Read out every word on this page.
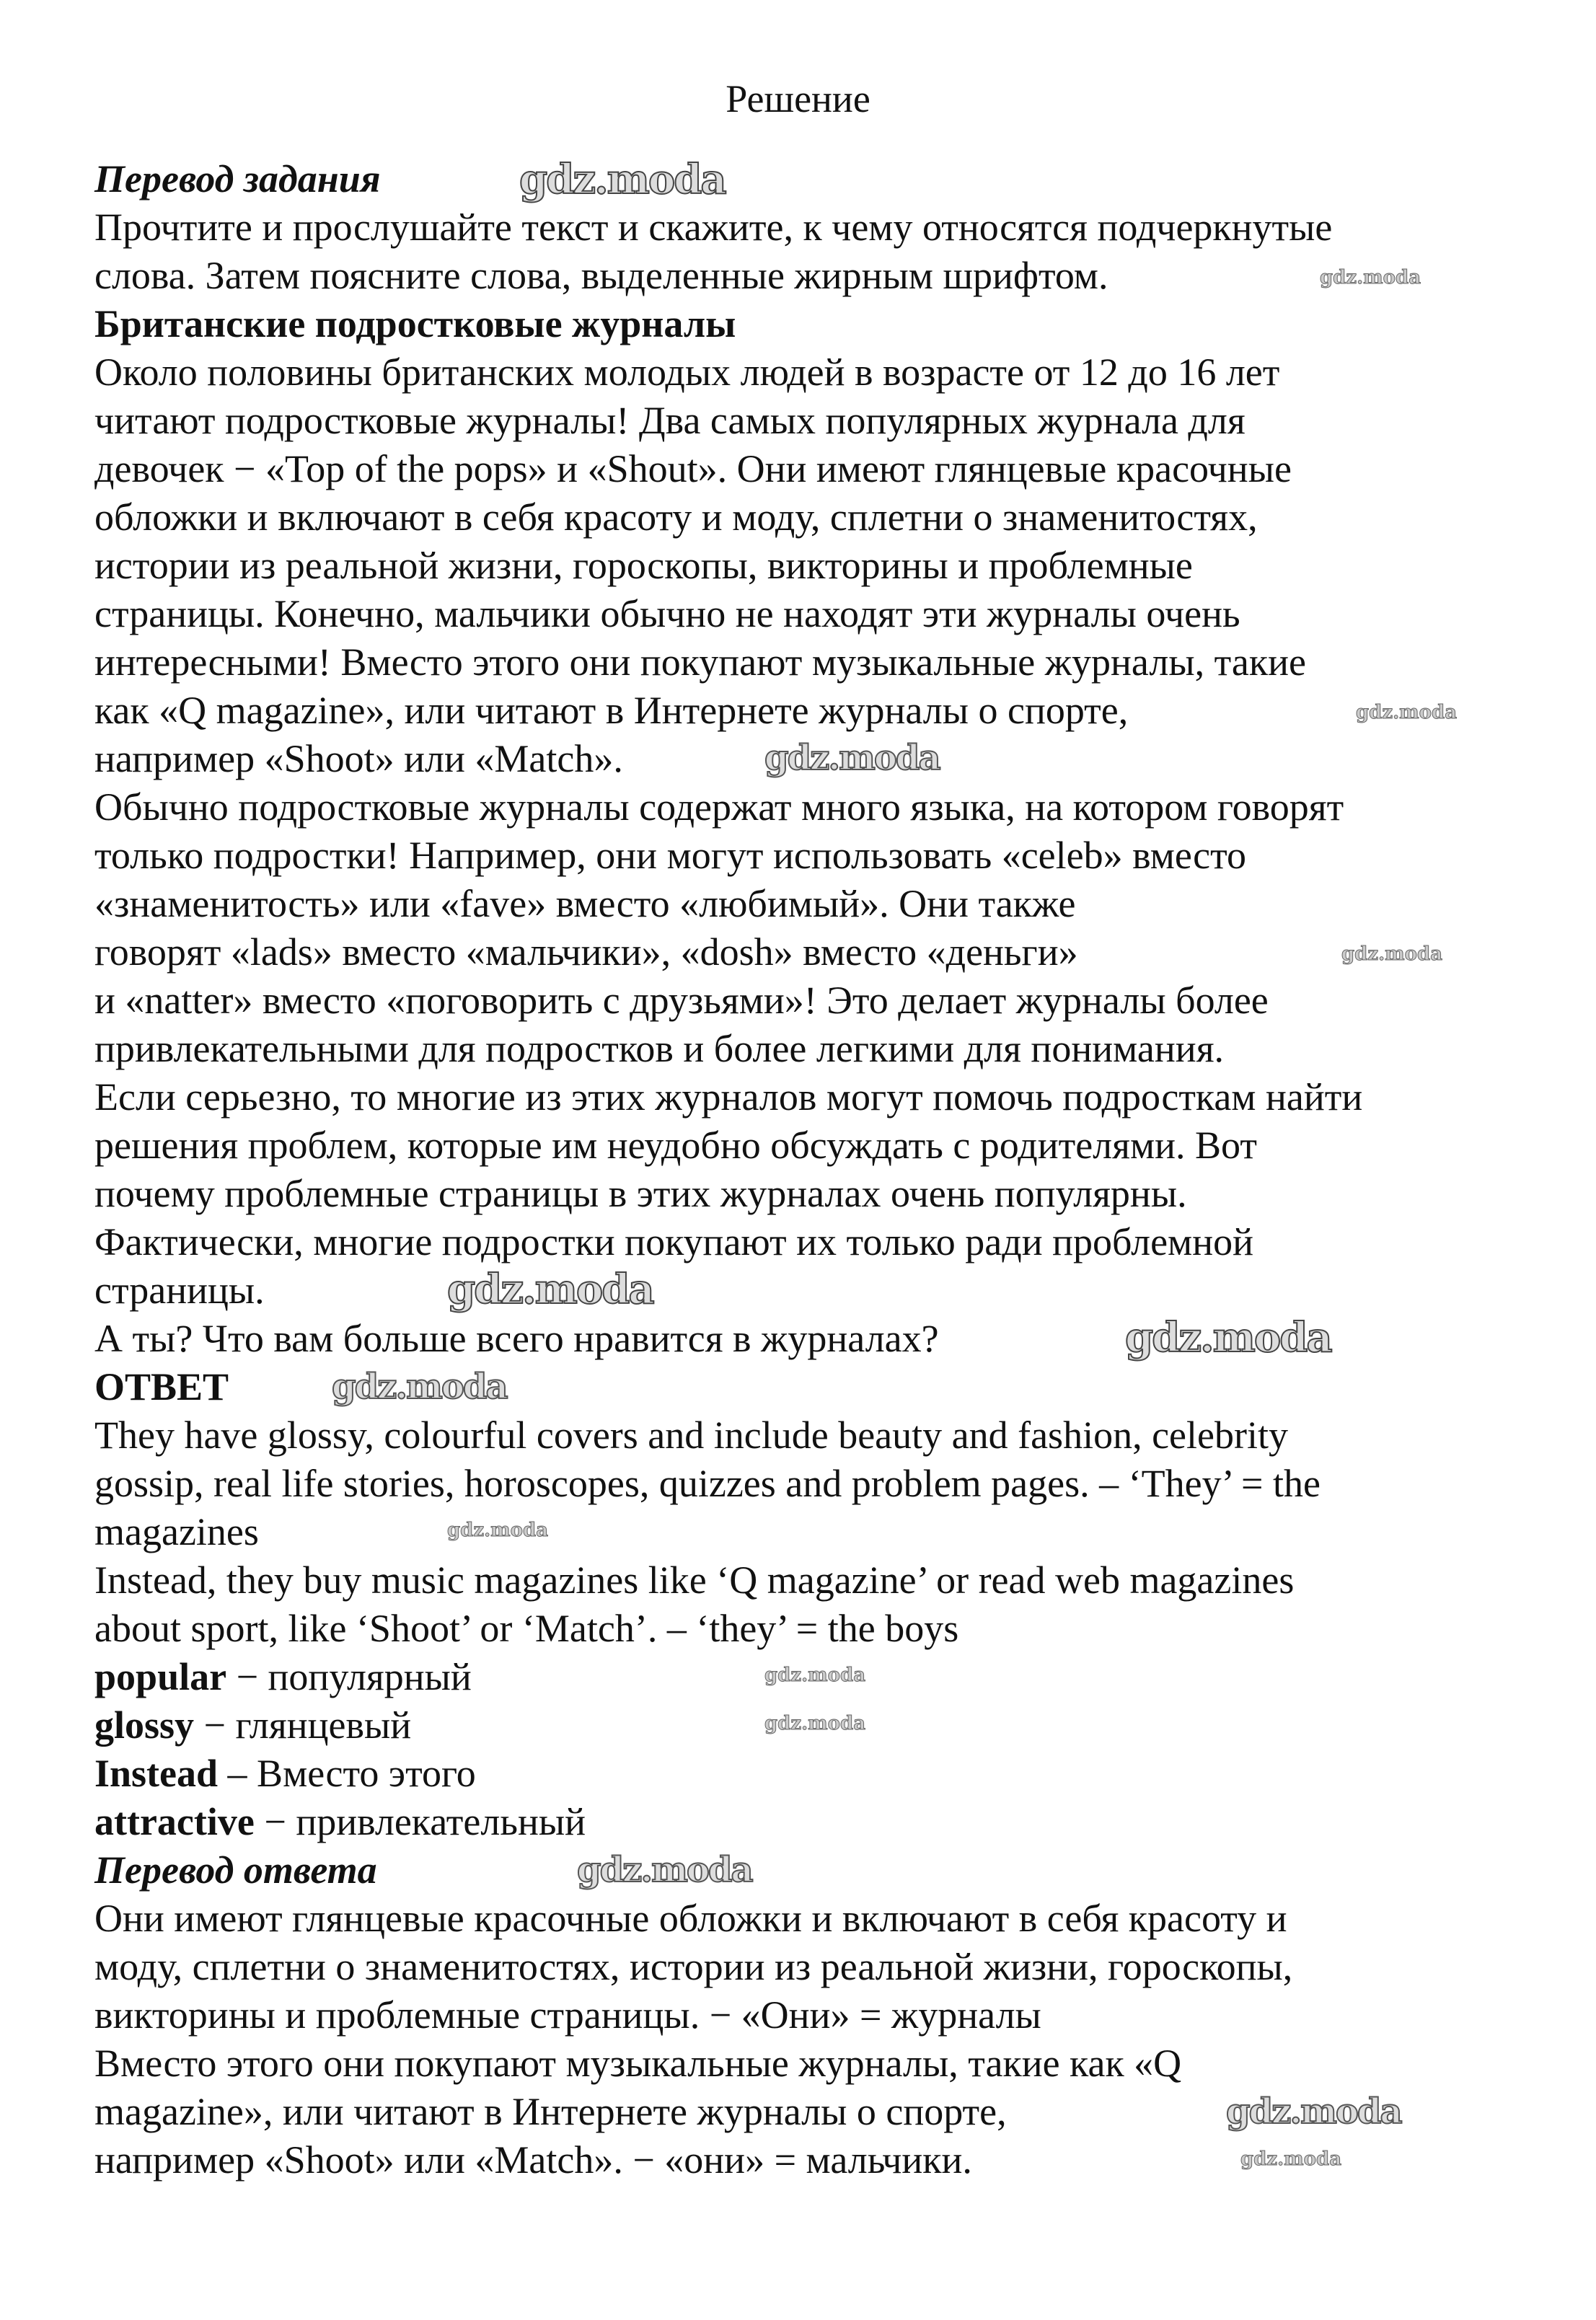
Решение
Перевод задания
Прочтите и прослушайте текст и скажите, к чему относятся подчеркнутые
слова. Затем поясните слова, выделенные жирным шрифтом.
Британские подростковые журналы
Около половины британских молодых людей в возрасте от 12 до 16 лет
читают подростковые журналы! Два самых популярных журнала для
девочек − «Top of the pops» и «Shout». Они имеют глянцевые красочные
обложки и включают в себя красоту и моду, сплетни о знаменитостях,
истории из реальной жизни, гороскопы, викторины и проблемные
страницы. Конечно, мальчики обычно не находят эти журналы очень
интересными! Вместо этого они покупают музыкальные журналы, такие
как «Q magazine», или читают в Интернете журналы о спорте,
например «Shoot» или «Match».
Обычно подростковые журналы содержат много языка, на котором говорят
только подростки! Например, они могут использовать «celeb» вместо
«знаменитость» или «fave» вместо «любимый». Они также
говорят «lads» вместо «мальчики», «dosh» вместо «деньги»
и «natter» вместо «поговорить с друзьями»! Это делает журналы более
привлекательными для подростков и более легкими для понимания.
Если серьезно, то многие из этих журналов могут помочь подросткам найти
решения проблем, которые им неудобно обсуждать с родителями. Вот
почему проблемные страницы в этих журналах очень популярны.
Фактически, многие подростки покупают их только ради проблемной
страницы.
А ты? Что вам больше всего нравится в журналах?
ОТВЕТ
They have glossy, colourful covers and include beauty and fashion, celebrity
gossip, real life stories, horoscopes, quizzes and problem pages. – ‘They’ = the
magazines
Instead, they buy music magazines like ‘Q magazine’ or read web magazines
about sport, like ‘Shoot’ or ‘Match’. – ‘they’ = the boys
popular − популярный
glossy − глянцевый
Instead – Вместо этого
attractive − привлекательный
Перевод ответа
Они имеют глянцевые красочные обложки и включают в себя красоту и
моду, сплетни о знаменитостях, истории из реальной жизни, гороскопы,
викторины и проблемные страницы. − «Они» = журналы
Вместо этого они покупают музыкальные журналы, такие как «Q
magazine», или читают в Интернете журналы о спорте,
например «Shoot» или «Match». − «они» = мальчики.
gdz.moda
gdz.moda
gdz.moda
gdz.moda
gdz.moda
gdz.moda
gdz.moda
gdz.moda
gdz.moda
gdz.moda
gdz.moda
gdz.moda
gdz.moda
gdz.moda
